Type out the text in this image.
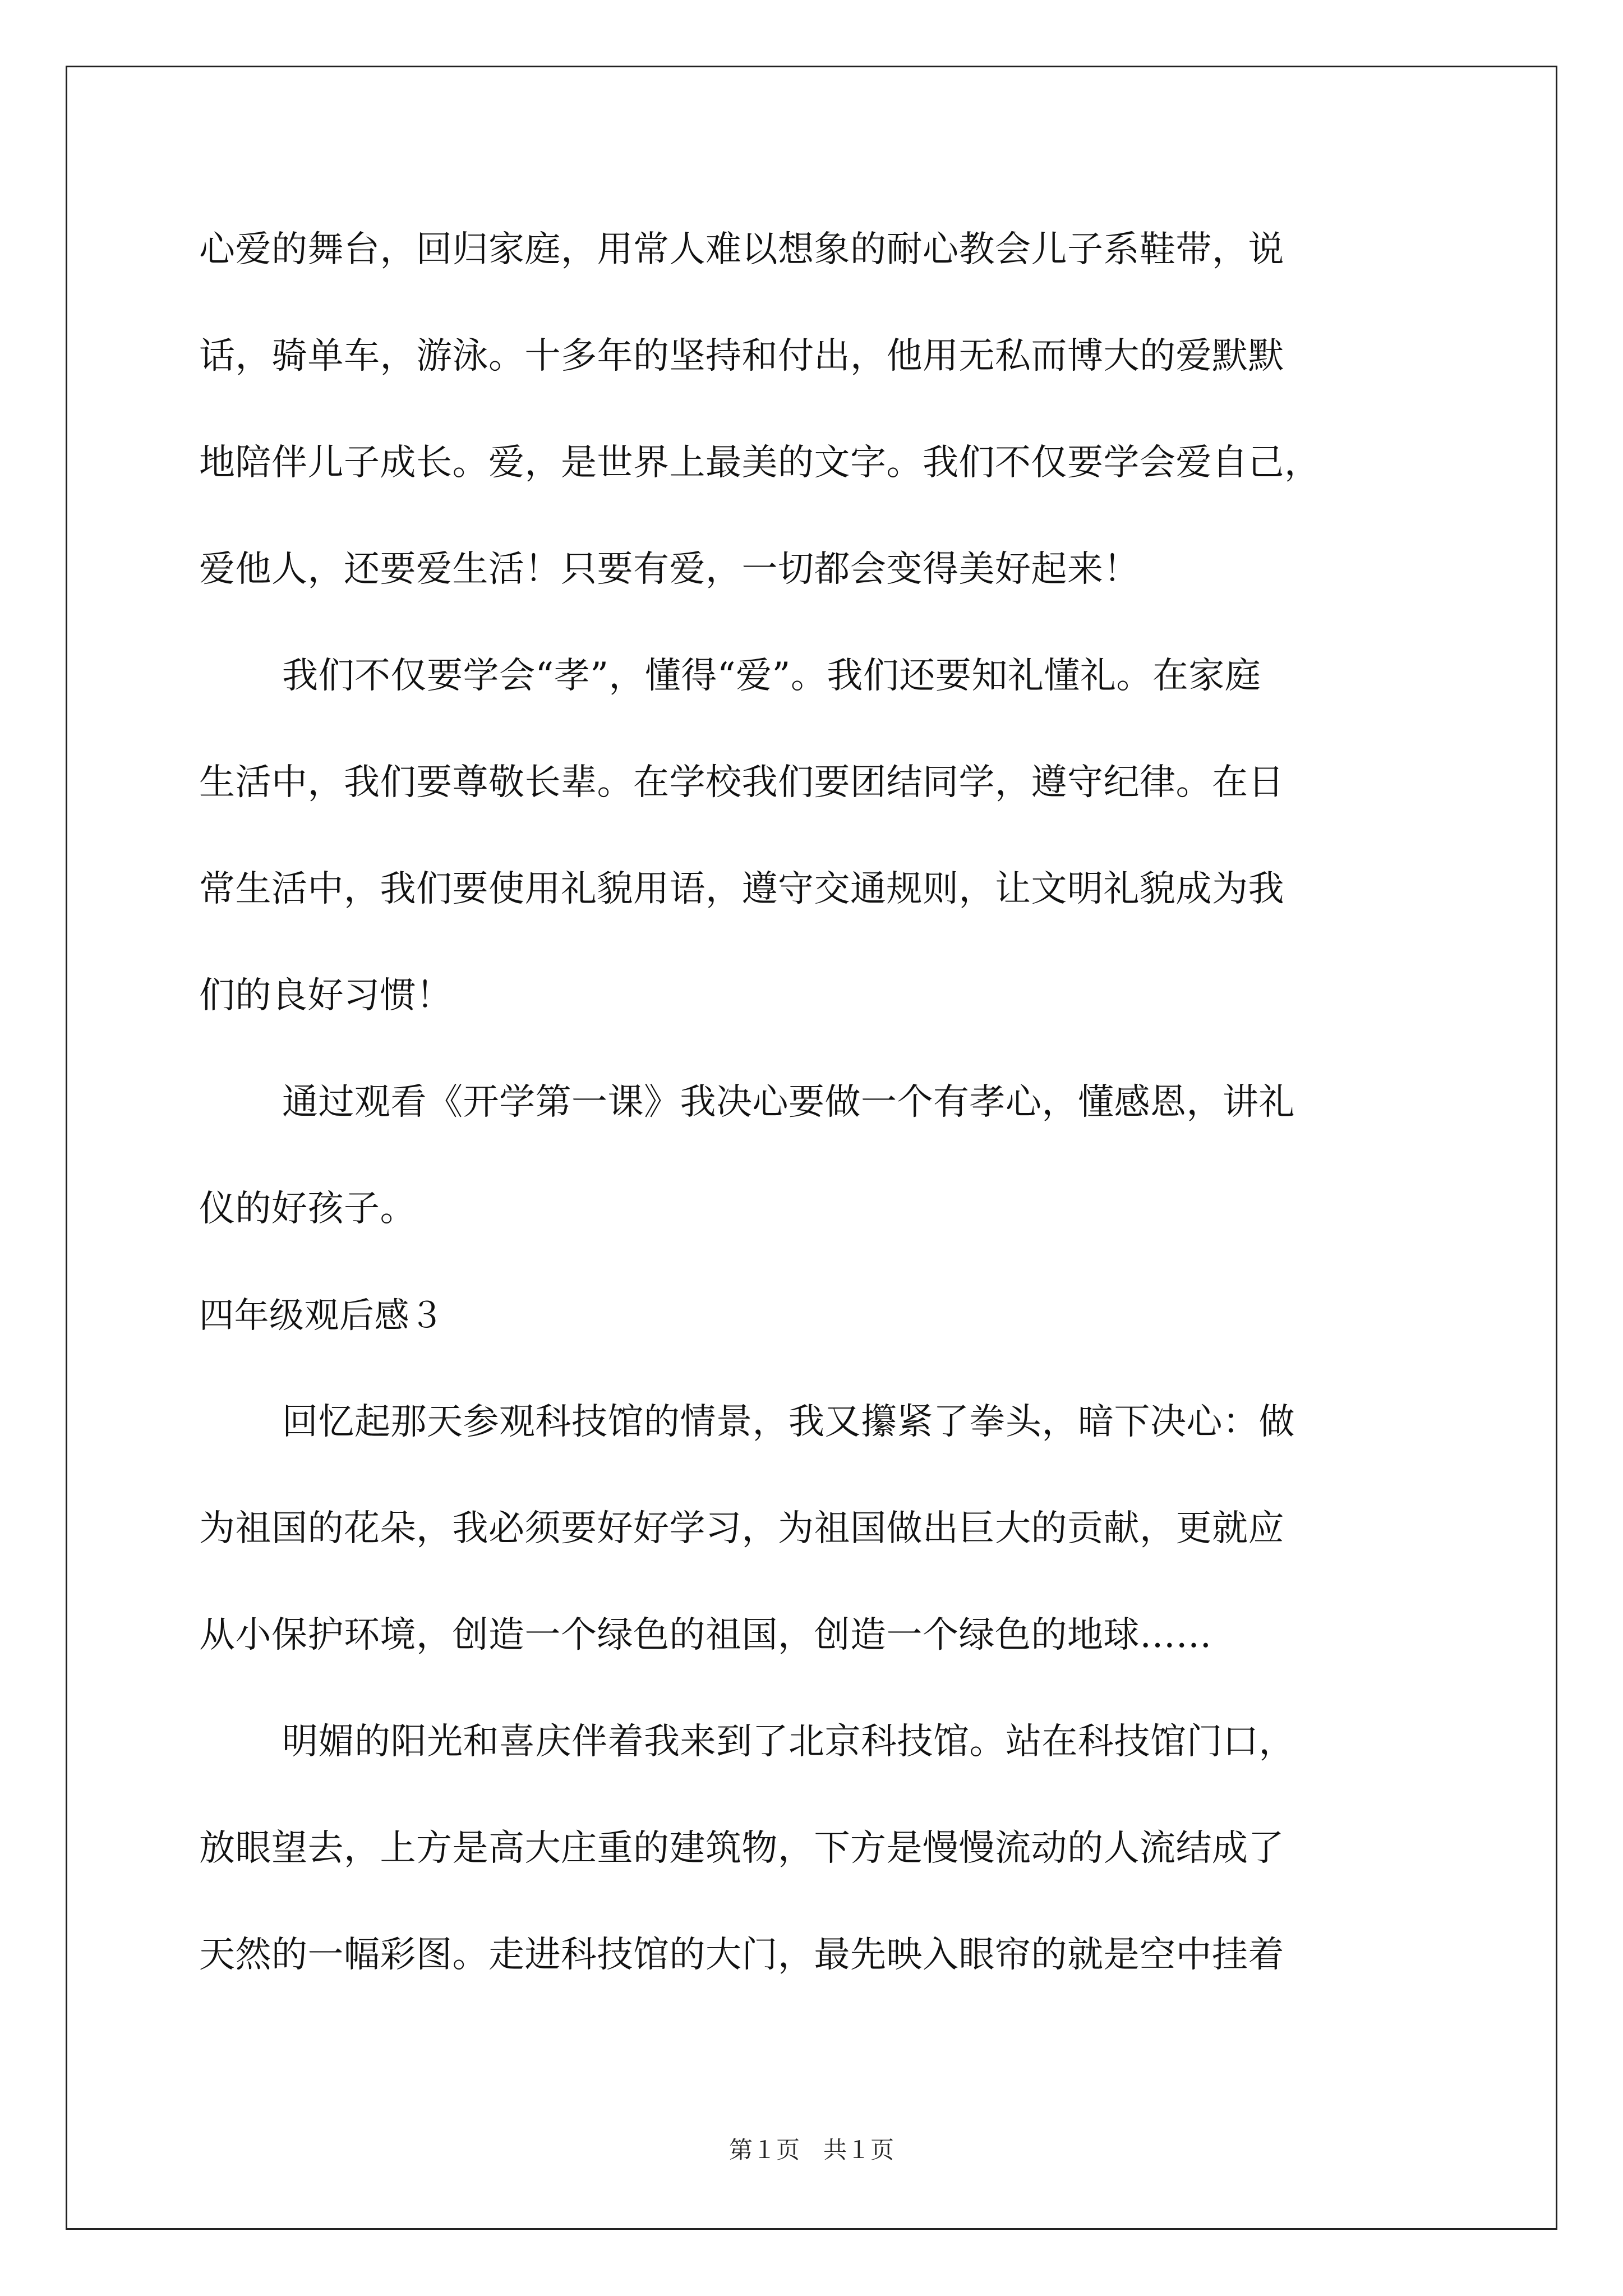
心爱的舞台，回归家庭，用常人难以想象的耐心教会儿子系鞋带，说
话，骑单车，游泳。十多年的坚持和付出，他用无私而博大的爱默默
地陪伴儿子成长。爱，是世界上最美的文字。我们不仅要学会爱自己，
爱他人，还要爱生活！只要有爱，一切都会变得美好起来！
我们不仅要学会“孝”，懂得“爱”。我们还要知礼懂礼。在家庭
生活中，我们要尊敬长辈。在学校我们要团结同学，遵守纪律。在日
常生活中，我们要使用礼貌用语，遵守交通规则，让文明礼貌成为我
们的良好习惯！
通过观看《开学第一课》我决心要做一个有孝心，懂感恩，讲礼
仪的好孩子。
四年级观后感３
回忆起那天参观科技馆的情景，我又攥紧了拳头，暗下决心：做
为祖国的花朵，我必须要好好学习，为祖国做出巨大的贡献，更就应
从小保护环境，创造一个绿色的祖国，创造一个绿色的地球……
明媚的阳光和喜庆伴着我来到了北京科技馆。站在科技馆门口，
放眼望去，上方是高大庄重的建筑物，下方是慢慢流动的人流结成了
天然的一幅彩图。走进科技馆的大门，最先映入眼帘的就是空中挂着
第１页　共１页
